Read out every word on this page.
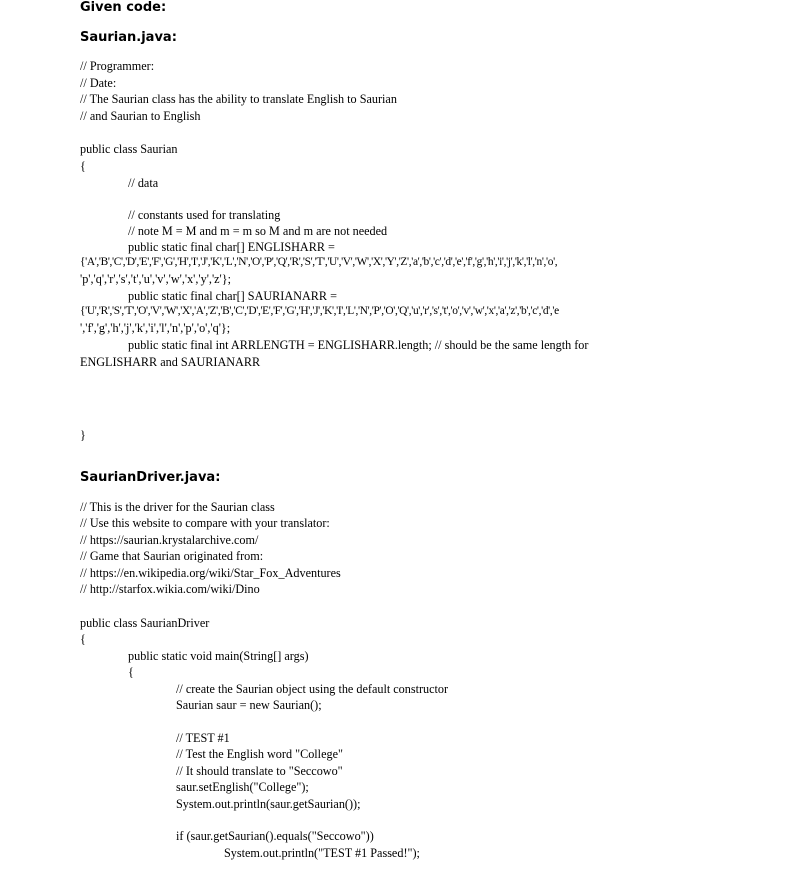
Given code:
Saurian.java:
// Programmer:
// Date:
// The Saurian class has the ability to translate English to Saurian
// and Saurian to English
public class Saurian
{
// data
// constants used for translating
// note M = M and m = m so M and m are not needed
public static final char[] ENGLISHARR =
{'A','B','C','D','E','F','G','H','I','J','K','L','N','O','P','Q','R','S','T','U','V','W','X','Y','Z','a','b','c','d','e','f','g','h','i','j','k','l','n','o',
'p','q','r','s','t','u','v','w','x','y','z'};
public static final char[] SAURIANARR =
{'U','R','S','T','O','V','W','X','A','Z','B','C','D','E','F','G','H','J','K','I','L','N','P','O','Q','u','r','s','t','o','v','w','x','a','z','b','c','d','e
','f','g','h','j','k','i','l','n','p','o','q'};
public static final int ARRLENGTH = ENGLISHARR.length; // should be the same length for
ENGLISHARR and SAURIANARR
}
SaurianDriver.java:
// This is the driver for the Saurian class
// Use this website to compare with your translator:
// https://saurian.krystalarchive.com/
// Game that Saurian originated from:
// https://en.wikipedia.org/wiki/Star_Fox_Adventures
// http://starfox.wikia.com/wiki/Dino
public class SaurianDriver
{
public static void main(String[] args)
{
// create the Saurian object using the default constructor
Saurian saur = new Saurian();
// TEST #1
// Test the English word "College"
// It should translate to "Seccowo"
saur.setEnglish("College");
System.out.println(saur.getSaurian());
if (saur.getSaurian().equals("Seccowo"))
System.out.println("TEST #1 Passed!");
